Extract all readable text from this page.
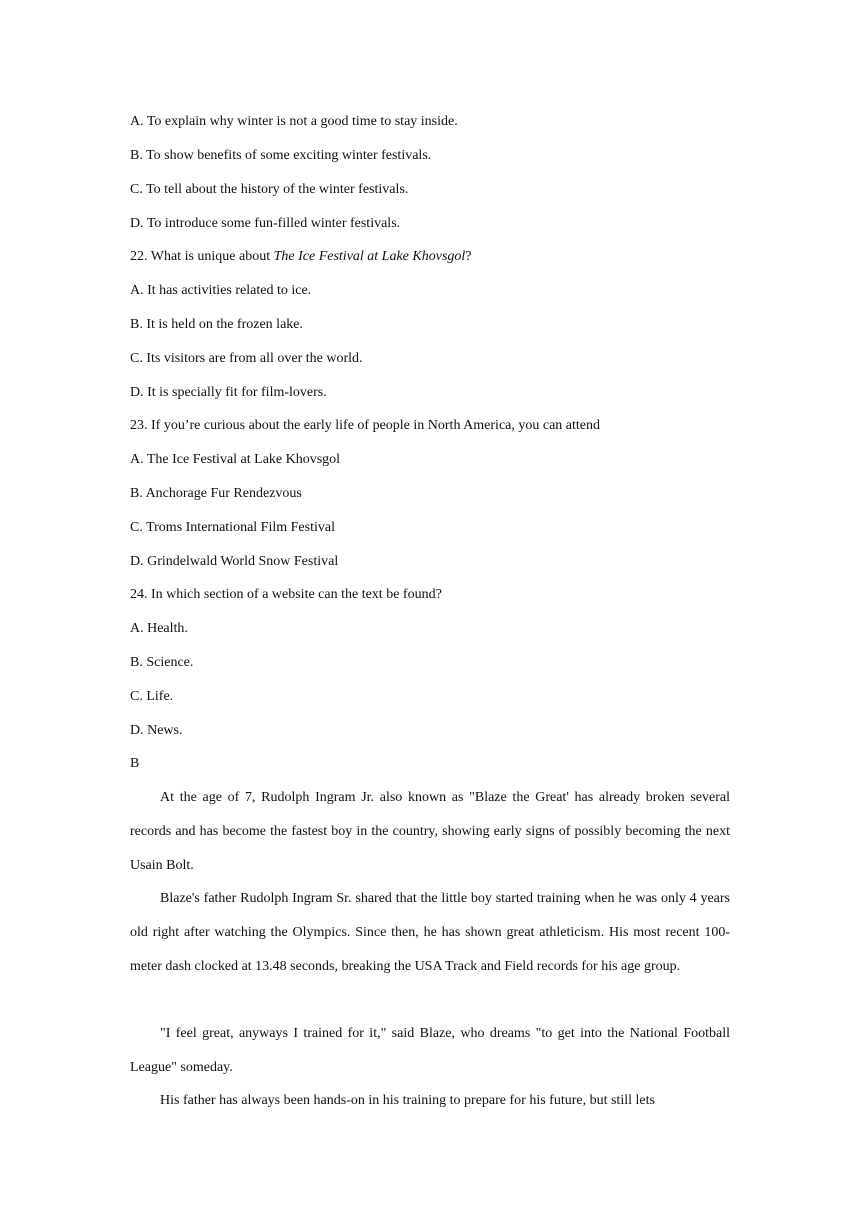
A. To explain why winter is not a good time to stay inside.

B. To show benefits of some exciting winter festivals.

C. To tell about the history of the winter festivals.

D. To introduce some fun-filled winter festivals.

22. What is unique about The Ice Festival at Lake Khovsgol?

A. It has activities related to ice.

B. It is held on the frozen lake.

C. Its visitors are from all over the world.

D. It is specially fit for film-lovers.

23. If you’re curious about the early life of people in North America, you can attend

A. The Ice Festival at Lake Khovsgol

B. Anchorage Fur Rendezvous

C. Troms International Film Festival

D. Grindelwald World Snow Festival

24. In which section of a website can the text be found?

A. Health.

B. Science.

C. Life.

D. News.

B

At the age of 7, Rudolph Ingram Jr. also known as "Blaze the Great' has already broken several records and has become the fastest boy in the country, showing early signs of possibly becoming the next Usain Bolt.

Blaze's father Rudolph Ingram Sr. shared that the little boy started training when he was only 4 years old right after watching the Olympics. Since then, he has shown great athleticism. His most recent 100-meter dash clocked at 13.48 seconds, breaking the USA Track and Field records for his age group.

"I feel great, anyways I trained for it," said Blaze, who dreams "to get into the National Football League" someday.

His father has always been hands-on in his training to prepare for his future, but still lets
